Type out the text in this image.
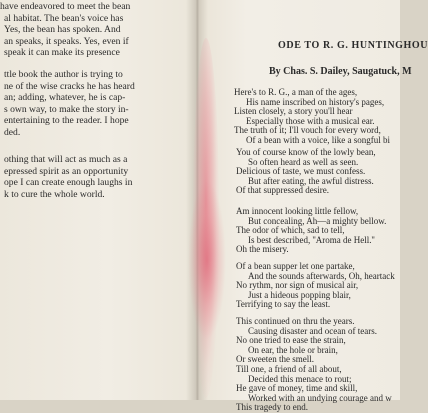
have endeavored to meet the bean
al habitat. The bean's voice has
Yes, the bean has spoken. And
an speaks, it speaks. Yes, even if
speak it can make its presence
ttle book the author is trying to
ne of the wise cracks he has heard
an; adding, whatever, he is cap-
s own way, to make the story in-
entertaining to the reader. I hope
ded.
othing that will act as much as a
epressed spirit as an opportunity
ope I can create enough laughs in
k to cure the whole world.
ODE TO R. G. HUNTINGHOU
By Chas. S. Dailey, Saugatuck, M
Here's to R. G., a man of the ages,
His name inscribed on history's pages,
Listen closely, a story you'll hear
Especially those with a musical ear.
The truth of it; I'll vouch for every word,
Of a bean with a voice, like a songful bi
You of course know of the lowly bean,
So often heard as well as seen.
Delicious of taste, we must confess.
But after eating, the awful distress.
Of that suppressed desire.
Am innocent looking little fellow,
But concealing, Ah—a mighty bellow.
The odor of which, sad to tell,
Is best described, ''Aroma de Hell.''
Oh the misery.
Of a bean supper let one partake,
And the sounds afterwards, Oh, heartack
No rythm, nor sign of musical air,
Just a hideous popping blair,
Terrifying to say the least.
This continued on thru the years.
Causing disaster and ocean of tears.
No one tried to ease the strain,
On ear, the hole or brain,
Or sweeten the smell.
Till one, a friend of all about,
Decided this menace to rout;
He gave of money, time and skill,
Worked with an undying courage and w
This tragedy to end.
